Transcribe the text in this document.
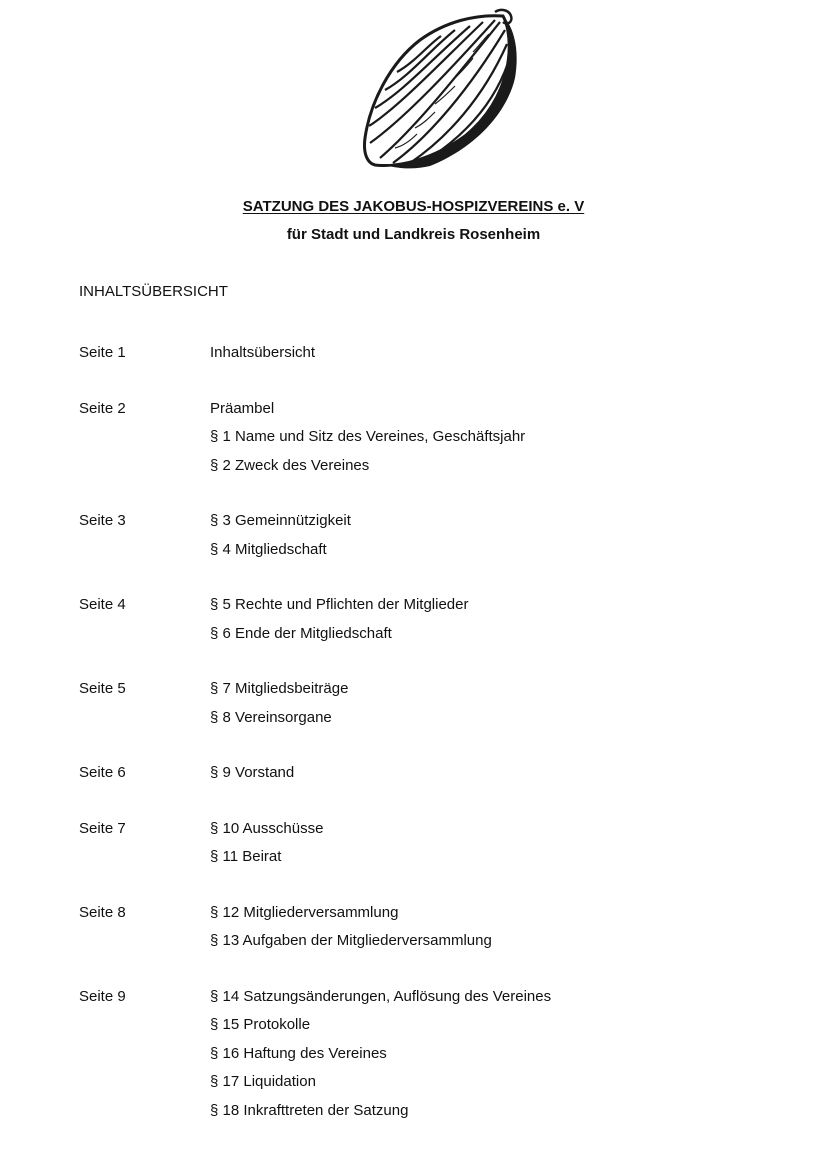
SATZUNG DES JAKOBUS-HOSPIZVEREINS e. V
für Stadt und Landkreis Rosenheim
INHALTSÜBERSICHT
Seite 1	Inhaltsübersicht
Seite 2	Präambel
§ 1 Name und Sitz des Vereines, Geschäftsjahr
§ 2 Zweck des Vereines
Seite 3	§ 3 Gemeinnützigkeit
§ 4 Mitgliedschaft
Seite 4	§ 5 Rechte und Pflichten der Mitglieder
§ 6 Ende der Mitgliedschaft
Seite 5	§ 7 Mitgliedsbeiträge
§ 8 Vereinsorgane
Seite 6	§ 9 Vorstand
Seite 7	§ 10 Ausschüsse
§ 11 Beirat
Seite 8	§ 12 Mitgliederversammlung
§ 13 Aufgaben der Mitgliederversammlung
Seite 9	§ 14 Satzungsänderungen, Auflösung des Vereines
§ 15 Protokolle
§ 16 Haftung des Vereines
§ 17 Liquidation
§ 18 Inkrafttreten der Satzung
